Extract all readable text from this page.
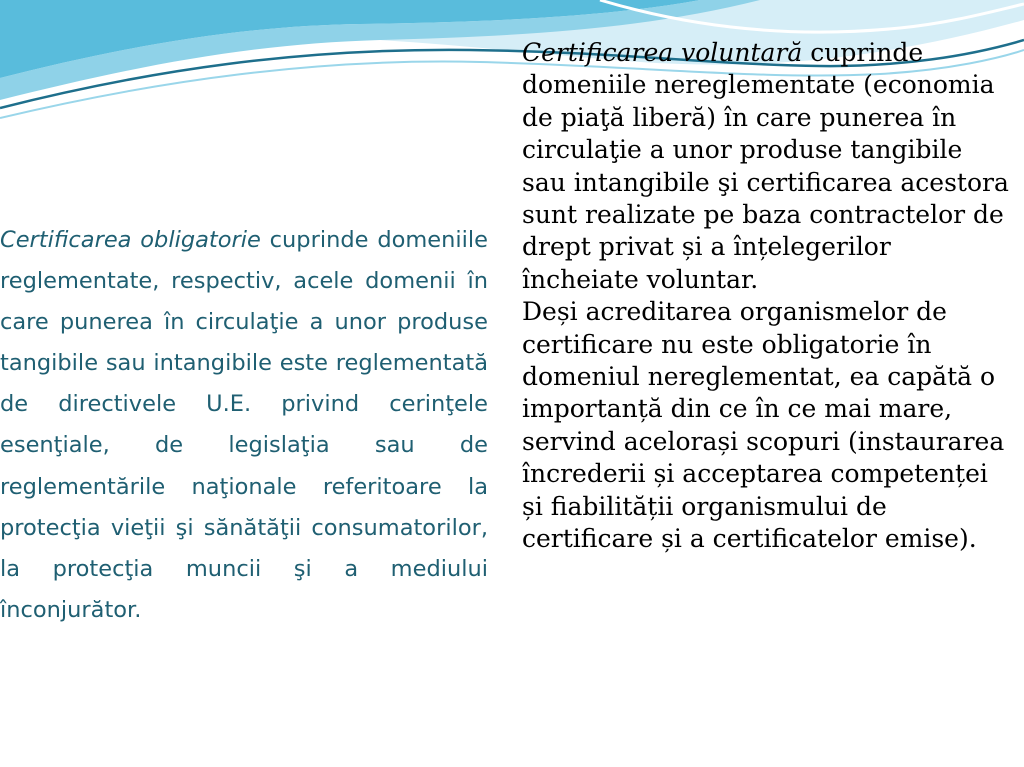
Certificarea obligatorie cuprinde domeniile reglementate, respectiv, acele domenii în care punerea în circulaţie a unor produse tangibile sau intangibile este reglementată de directivele U.E. privind cerinţele esenţiale, de legislaţia sau de reglementările naţionale referitoare la protecţia vieţii şi sănătăţii consumatorilor, la protecţia muncii şi a mediului înconjurător.

Certificarea voluntară cuprinde domeniile nereglementate (economia de piaţă liberă) în care punerea în circulaţie a unor produse tangibile sau intangibile şi certificarea acestora sunt realizate pe baza contractelor de drept privat și a înțelegerilor încheiate voluntar.

Deși acreditarea organismelor de certificare nu este obligatorie în domeniul nereglementat, ea capătă o importanță din ce în ce mai mare, servind acelorași scopuri (instaurarea încrederii și acceptarea competenței și fiabilității organismului de certificare și a certificatelor emise).
